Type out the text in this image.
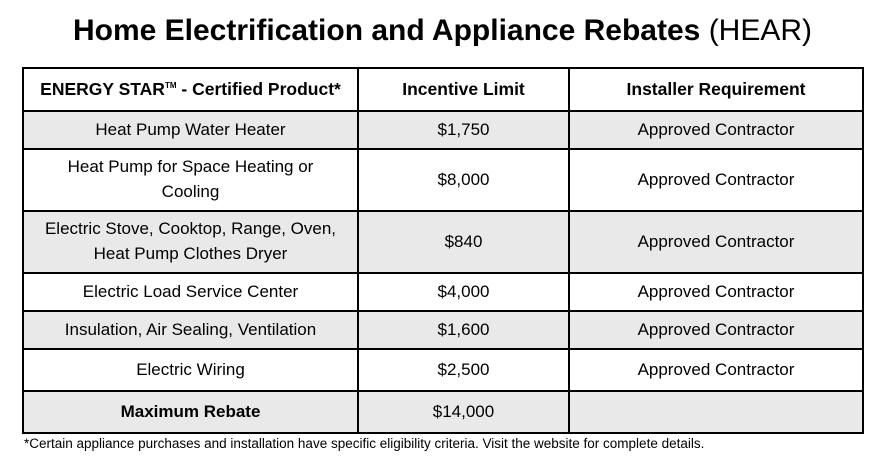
Home Electrification and Appliance Rebates (HEAR)
ENERGY STAR™ - Certified Product*	Incentive Limit	Installer Requirement
Heat Pump Water Heater	$1,750	Approved Contractor
Heat Pump for Space Heating or Cooling	$8,000	Approved Contractor
Electric Stove, Cooktop, Range, Oven, Heat Pump Clothes Dryer	$840	Approved Contractor
Electric Load Service Center	$4,000	Approved Contractor
Insulation, Air Sealing, Ventilation	$1,600	Approved Contractor
Electric Wiring	$2,500	Approved Contractor
Maximum Rebate	$14,000	
*Certain appliance purchases and installation have specific eligibility criteria. Visit the website for complete details.
